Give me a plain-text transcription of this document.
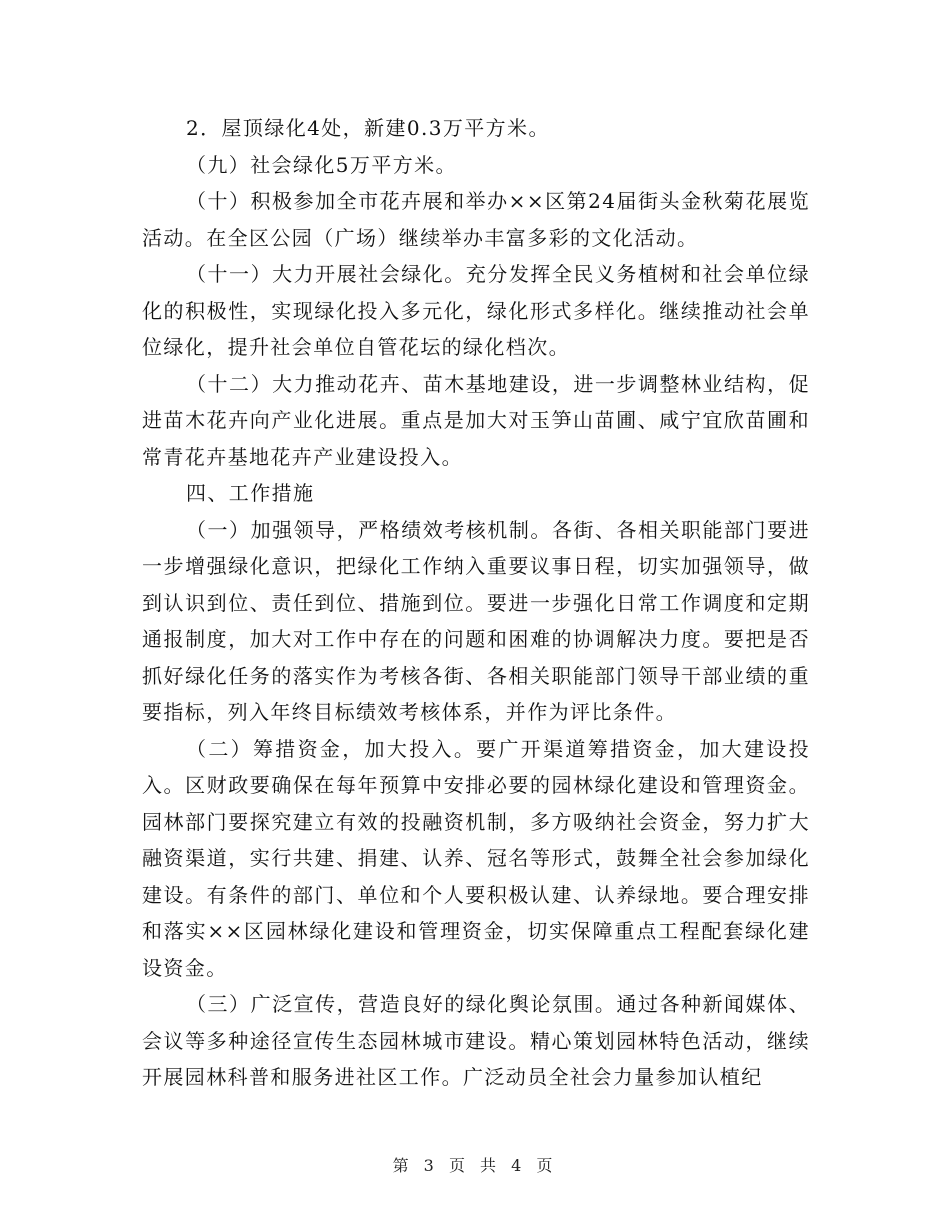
2．屋顶绿化4处，新建0.3万平方米。

（九）社会绿化5万平方米。

（十）积极参加全市花卉展和举办××区第24届街头金秋菊花展览活动。在全区公园（广场）继续举办丰富多彩的文化活动。

（十一）大力开展社会绿化。充分发挥全民义务植树和社会单位绿化的积极性，实现绿化投入多元化，绿化形式多样化。继续推动社会单位绿化，提升社会单位自管花坛的绿化档次。

（十二）大力推动花卉、苗木基地建设，进一步调整林业结构，促进苗木花卉向产业化进展。重点是加大对玉笋山苗圃、咸宁宜欣苗圃和常青花卉基地花卉产业建设投入。

四、工作措施

（一）加强领导，严格绩效考核机制。各街、各相关职能部门要进一步增强绿化意识，把绿化工作纳入重要议事日程，切实加强领导，做到认识到位、责任到位、措施到位。要进一步强化日常工作调度和定期通报制度，加大对工作中存在的问题和困难的协调解决力度。要把是否抓好绿化任务的落实作为考核各街、各相关职能部门领导干部业绩的重要指标，列入年终目标绩效考核体系，并作为评比条件。

（二）筹措资金，加大投入。要广开渠道筹措资金，加大建设投入。区财政要确保在每年预算中安排必要的园林绿化建设和管理资金。园林部门要探究建立有效的投融资机制，多方吸纳社会资金，努力扩大融资渠道，实行共建、捐建、认养、冠名等形式，鼓舞全社会参加绿化建设。有条件的部门、单位和个人要积极认建、认养绿地。要合理安排和落实××区园林绿化建设和管理资金，切实保障重点工程配套绿化建设资金。

（三）广泛宣传，营造良好的绿化舆论氛围。通过各种新闻媒体、会议等多种途径宣传生态园林城市建设。精心策划园林特色活动，继续开展园林科普和服务进社区工作。广泛动员全社会力量参加认植纪

第 3 页 共 4 页
